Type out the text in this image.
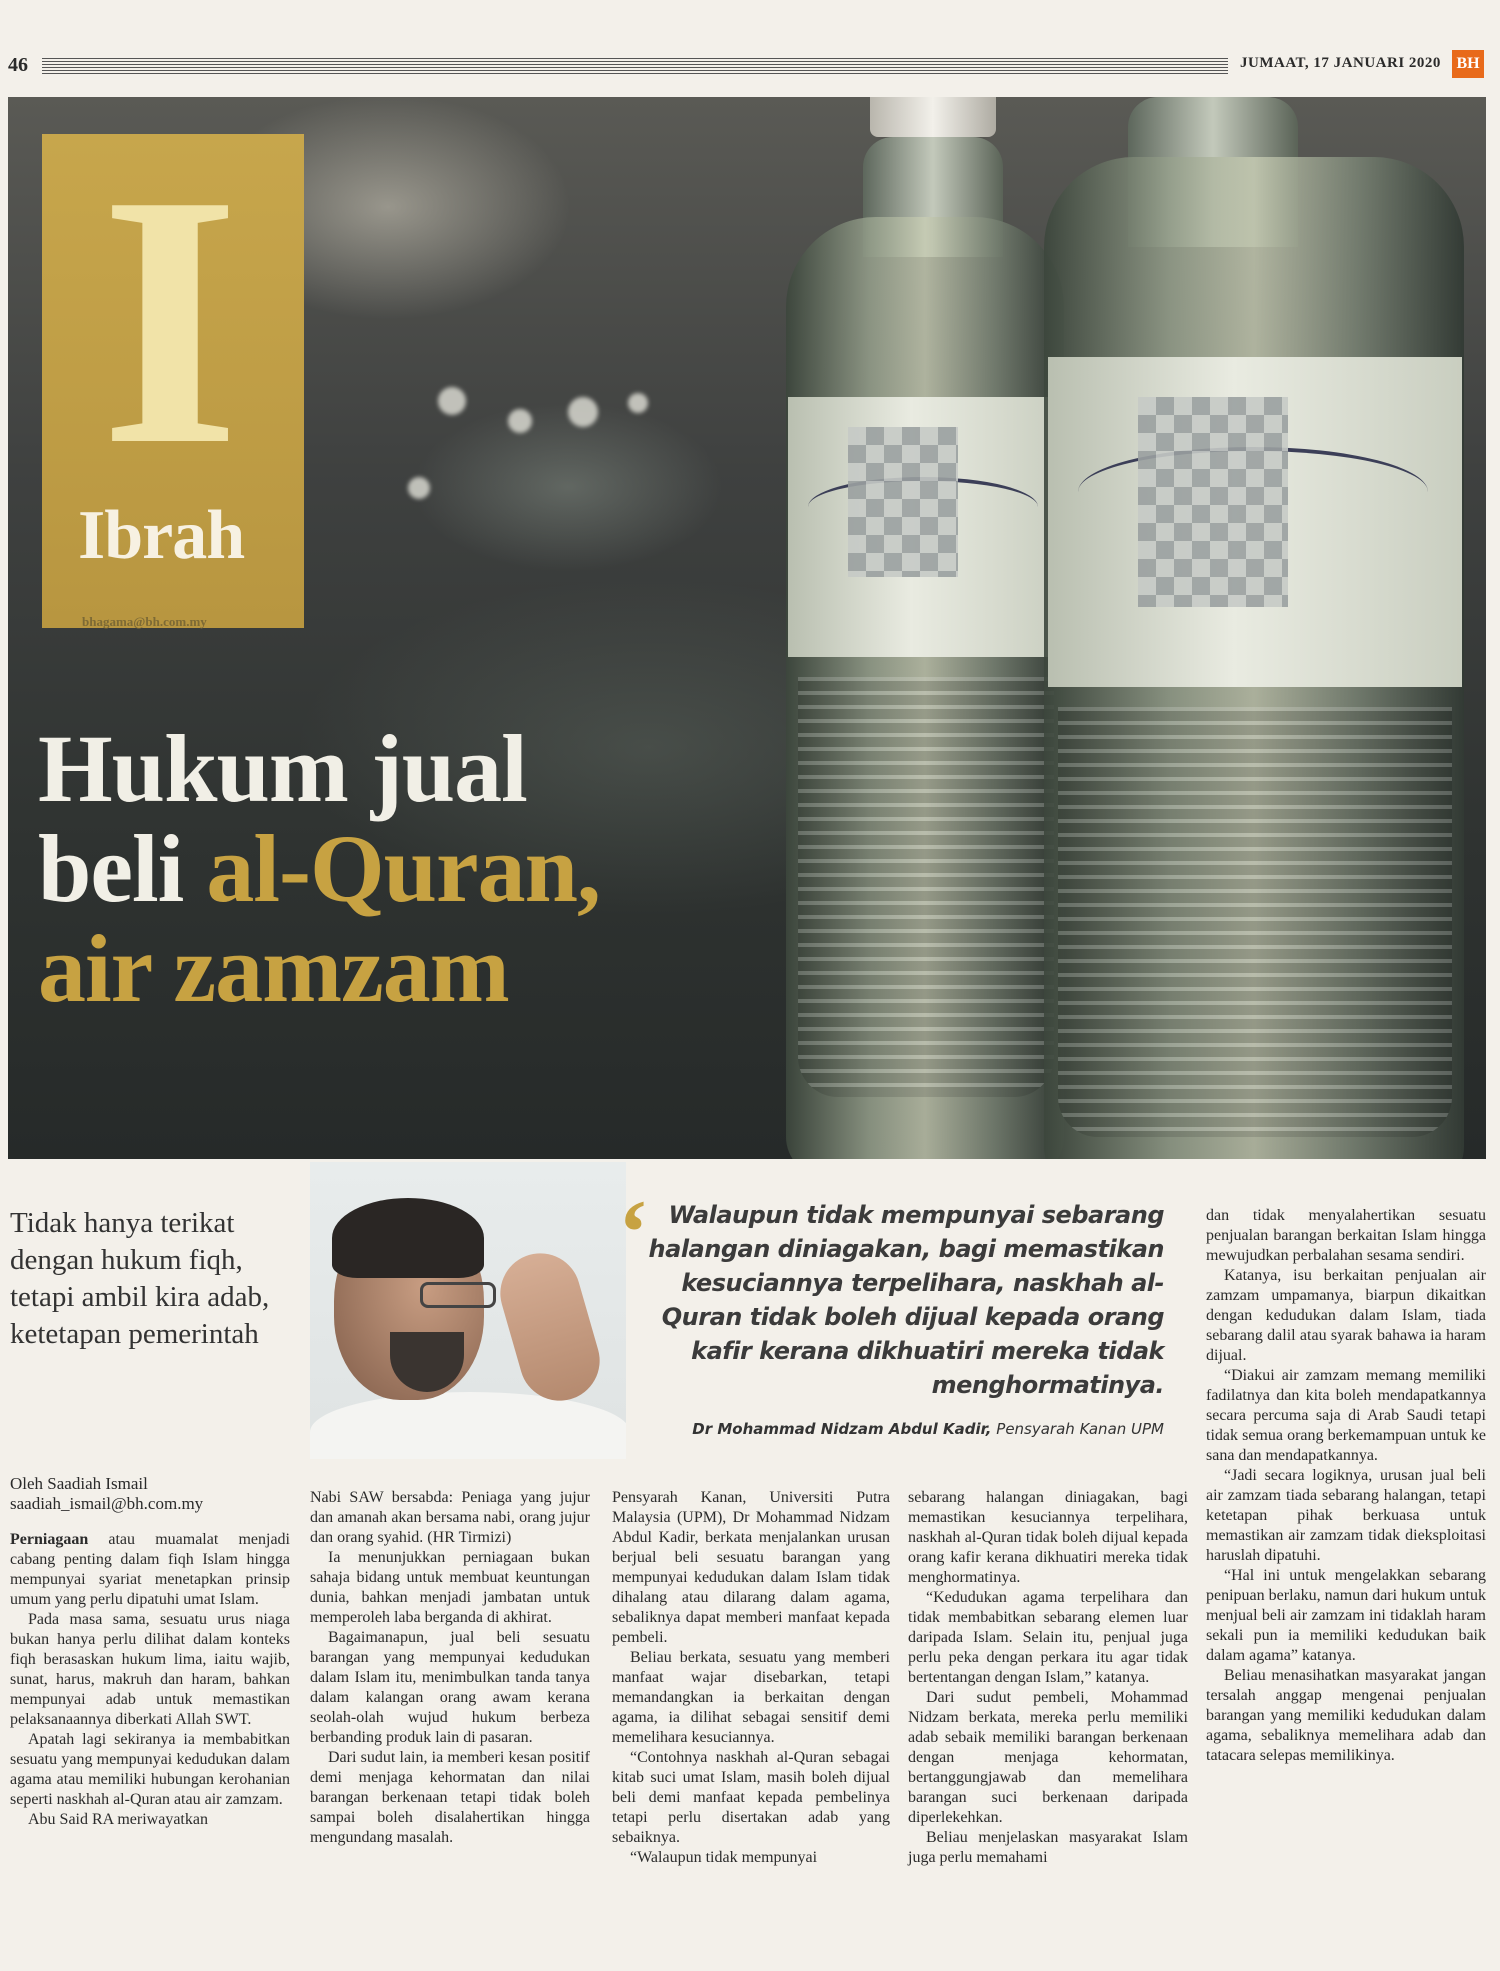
46	JUMAAT, 17 JANUARI 2020 BH
I
Ibrah
bhagama@bh.com.my
Hukum jual
beli al-Quran,
air zamzam
Tidak hanya terikat dengan hukum fiqh, tetapi ambil kira adab, ketetapan pemerintah
Oleh Saadiah Ismail
saadiah_ismail@bh.com.my
‘ Walaupun tidak mempunyai sebarang halangan diniagakan, bagi memastikan kesuciannya terpelihara, naskhah al-Quran tidak boleh dijual kepada orang kafir kerana dikhuatiri mereka tidak menghormatinya.
Dr Mohammad Nidzam Abdul Kadir, Pensyarah Kanan UPM

Perniagaan atau muamalat menjadi cabang penting dalam fiqh Islam hingga mempunyai syariat menetapkan prinsip umum yang perlu dipatuhi umat Islam.

Pada masa sama, sesuatu urus niaga bukan hanya perlu dilihat dalam konteks fiqh berasaskan hukum lima, iaitu wajib, sunat, harus, makruh dan haram, bahkan mempunyai adab untuk memastikan pelaksanaannya diberkati Allah SWT.

Apatah lagi sekiranya ia membabitkan sesuatu yang mempunyai kedudukan dalam agama atau memiliki hubungan kerohanian seperti naskhah al-Quran atau air zamzam.

Abu Said RA meriwayatkan

Nabi SAW bersabda: Peniaga yang jujur dan amanah akan bersama nabi, orang jujur dan orang syahid. (HR Tirmizi)

Ia menunjukkan perniagaan bukan sahaja bidang untuk membuat keuntungan dunia, bahkan menjadi jambatan untuk memperoleh laba berganda di akhirat.

Bagaimanapun, jual beli sesuatu barangan yang mempunyai kedudukan dalam Islam itu, menimbulkan tanda tanya dalam kalangan orang awam kerana seolah-olah wujud hukum berbeza berbanding produk lain di pasaran.

Dari sudut lain, ia memberi kesan positif demi menjaga kehormatan dan nilai barangan berkenaan tetapi tidak boleh sampai boleh disalahertikan hingga mengundang masalah.

Pensyarah Kanan, Universiti Putra Malaysia (UPM), Dr Mohammad Nidzam Abdul Kadir, berkata menjalankan urusan berjual beli sesuatu barangan yang mempunyai kedudukan dalam Islam tidak dihalang atau dilarang dalam agama, sebaliknya dapat memberi manfaat kepada pembeli.

Beliau berkata, sesuatu yang memberi manfaat wajar disebarkan, tetapi memandangkan ia berkaitan dengan agama, ia dilihat sebagai sensitif demi memelihara kesuciannya.

“Contohnya naskhah al-Quran sebagai kitab suci umat Islam, masih boleh dijual beli demi manfaat kepada pembelinya tetapi perlu disertakan adab yang sebaiknya.

“Walaupun tidak mempunyai

sebarang halangan diniagakan, bagi memastikan kesuciannya terpelihara, naskhah al-Quran tidak boleh dijual kepada orang kafir kerana dikhuatiri mereka tidak menghormatinya.

“Kedudukan agama terpelihara dan tidak membabitkan sebarang elemen luar daripada Islam. Selain itu, penjual juga perlu peka dengan perkara itu agar tidak bertentangan dengan Islam,” katanya.

Dari sudut pembeli, Mohammad Nidzam berkata, mereka perlu memiliki adab sebaik memiliki barangan berkenaan dengan menjaga kehormatan, bertanggungjawab dan memelihara barangan suci berkenaan daripada diperlekehkan.

Beliau menjelaskan masyarakat Islam juga perlu memahami

dan tidak menyalahertikan sesuatu penjualan barangan berkaitan Islam hingga mewujudkan perbalahan sesama sendiri.

Katanya, isu berkaitan penjualan air zamzam umpamanya, biarpun dikaitkan dengan kedudukan dalam Islam, tiada sebarang dalil atau syarak bahawa ia haram dijual.

“Diakui air zamzam memang memiliki fadilatnya dan kita boleh mendapatkannya secara percuma saja di Arab Saudi tetapi tidak semua orang berkemampuan untuk ke sana dan mendapatkannya.

“Jadi secara logiknya, urusan jual beli air zamzam tiada sebarang halangan, tetapi ketetapan pihak berkuasa untuk memastikan air zamzam tidak dieksploitasi haruslah dipatuhi.

“Hal ini untuk mengelakkan sebarang penipuan berlaku, namun dari hukum untuk menjual beli air zamzam ini tidaklah haram sekali pun ia memiliki kedudukan baik dalam agama” katanya.

Beliau menasihatkan masyarakat jangan tersalah anggap mengenai penjualan barangan yang memiliki kedudukan dalam agama, sebaliknya memelihara adab dan tatacara selepas memilikinya.
